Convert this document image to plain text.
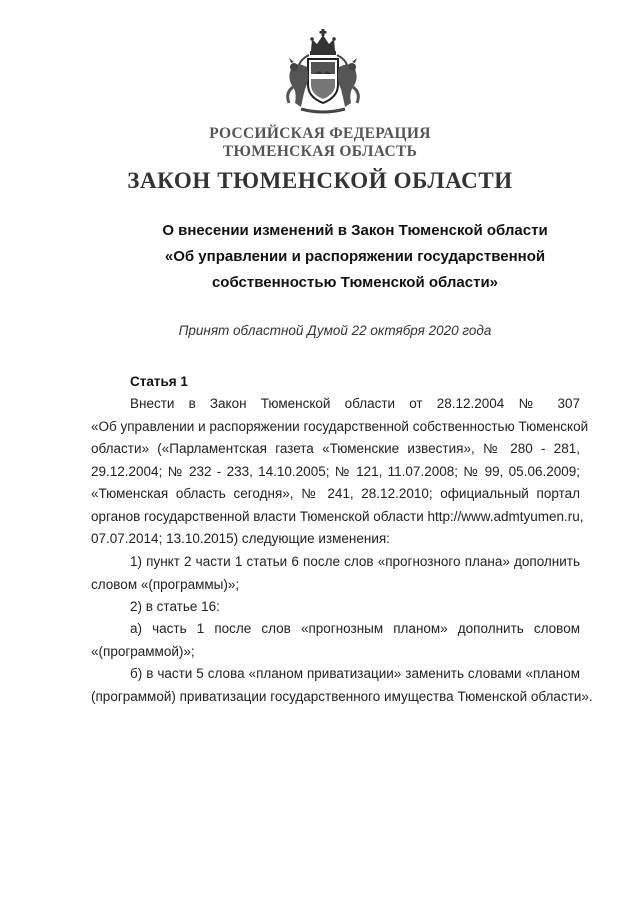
РОССИЙСКАЯ ФЕДЕРАЦИЯ
ТЮМЕНСКАЯ ОБЛАСТЬ
ЗАКОН ТЮМЕНСКОЙ ОБЛАСТИ
О внесении изменений в Закон Тюменской области
«Об управлении и распоряжении государственной
собственностью Тюменской области»
Принят областной Думой 22 октября 2020 года
Статья 1
Внести в Закон Тюменской области от 28.12.2004 № 307
«Об управлении и распоряжении государственной собственностью Тюменской
области» («Парламентская газета «Тюменские известия», № 280 - 281,
29.12.2004; № 232 - 233, 14.10.2005; № 121, 11.07.2008; № 99, 05.06.2009;
«Тюменская область сегодня», № 241, 28.12.2010; официальный портал
органов государственной власти Тюменской области http://www.admtyumen.ru,
07.07.2014; 13.10.2015) следующие изменения:
1) пункт 2 части 1 статьи 6 после слов «прогнозного плана» дополнить
словом «(программы)»;
2) в статье 16:
а) часть 1 после слов «прогнозным планом» дополнить словом
«(программой)»;
б) в части 5 слова «планом приватизации» заменить словами «планом
(программой) приватизации государственного имущества Тюменской области».
